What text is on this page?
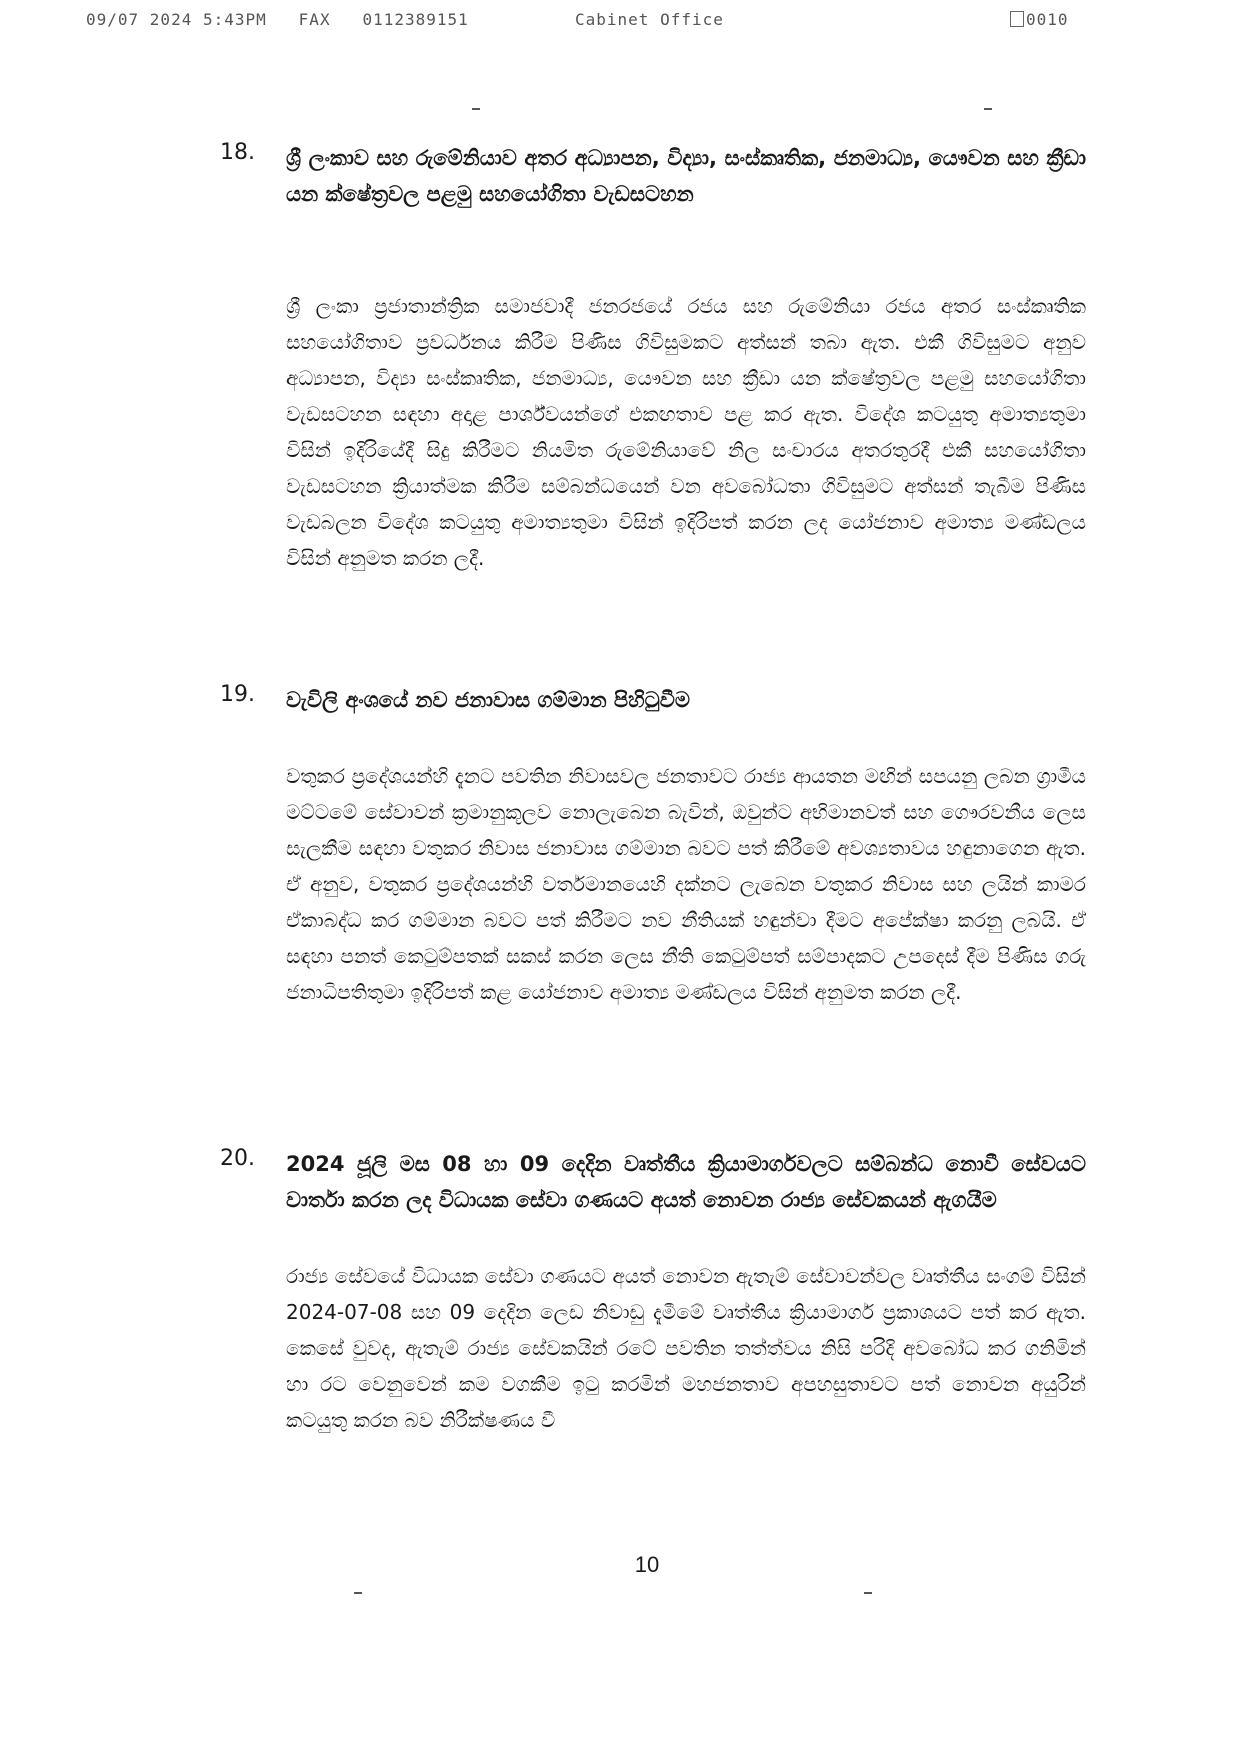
09/07 2024 5:43PM FAX 0112389151	Cabinet Office	0010
18. ශ්‍රී ලංකාව සහ රුමේනියාව අතර අධ්‍යාපන, විද්‍යා, සංස්කෘතික, ජනමාධ්‍ය, යෞවන සහ ක්‍රීඩා යන ක්ෂේත්‍රවල පළමු සහයෝගිතා වැඩසටහන
ශ්‍රී ලංකා ප්‍රජාතාන්ත්‍රික සමාජවාදී ජනරජයේ රජය සහ රුමේනියා රජය අතර සංස්කෘතික සහයෝගිතාව ප්‍රවර්ධනය කිරීම පිණිස ගිවිසුමකට අත්සන් තබා ඇත. එකී ගිවිසුමට අනුව අධ්‍යාපන, විද්‍යා සංස්කෘතික, ජනමාධ්‍ය, යෞවන සහ ක්‍රීඩා යන ක්ෂේත්‍රවල පළමු සහයෝගිතා වැඩසටහන සඳහා අදාළ පාර්ශ්වයන්ගේ එකඟතාව පළ කර ඇත. විදේශ කටයුතු අමාත්‍යතුමා විසින් ඉදිරියේදී සිදු කිරීමට නියමිත රුමේනියාවේ නිල සංචාරය අතරතුරදී එකී සහයෝගිතා වැඩසටහන ක්‍රියාත්මක කිරීම සම්බන්ධයෙන් වන අවබෝධතා ගිවිසුමට අත්සන් තැබීම පිණිස වැඩබලන විදේශ කටයුතු අමාත්‍යතුමා විසින් ඉදිරිපත් කරන ලද යෝජනාව අමාත්‍ය මණ්ඩලය විසින් අනුමත කරන ලදී.
19. වැවිලි අංශයේ නව ජනාවාස ගම්මාන පිහිටුවීම
වතුකර ප්‍රදේශයන්හි දැනට පවතින නිවාසවල ජනතාවට රාජ්‍ය ආයතන මඟින් සපයනු ලබන ග්‍රාමීය මට්ටමේ සේවාවන් ක්‍රමානුකූලව නොලැබෙන බැවින්, ඔවුන්ට අභිමානවත් සහ ගෞරවනීය ලෙස සැලකීම සඳහා වතුකර නිවාස ජනාවාස ගම්මාන බවට පත් කිරීමේ අවශ්‍යතාවය හඳුනාගෙන ඇත. ඒ අනුව, වතුකර ප්‍රදේශයන්හි වර්තමානයෙහි දක්නට ලැබෙන වතුකර නිවාස සහ ලයින් කාමර ඒකාබද්ධ කර ගම්මාන බවට පත් කිරීමට නව නීතියක් හඳුන්වා දීමට අපේක්ෂා කරනු ලබයි. ඒ සඳහා පනත් කෙටුම්පතක් සකස් කරන ලෙස නීති කෙටුම්පත් සම්පාදකට උපදෙස් දීම පිණිස ගරු ජනාධිපතිතුමා ඉදිරිපත් කළ යෝජනාව අමාත්‍ය මණ්ඩලය විසින් අනුමත කරන ලදී.
20. 2024 ජූලි මස 08 හා 09 දෙදින වෘත්තීය ක්‍රියාමාර්ගවලට සම්බන්ධ නොවී සේවයට වාර්තා කරන ලද විධායක සේවා ගණයට අයත් නොවන රාජ්‍ය සේවකයන් ඇගයීම
රාජ්‍ය සේවයේ විධායක සේවා ගණයට අයත් නොවන ඇතැම් සේවාවන්වල වෘත්තීය සංගම් විසින් 2024-07-08 සහ 09 දෙදින ලෙඩ නිවාඩු දැමීමේ වෘත්තීය ක්‍රියාමාර්ග ප්‍රකාශයට පත් කර ඇත. කෙසේ වුවද, ඇතැම් රාජ්‍ය සේවකයින් රටේ පවතින තත්ත්වය නිසි පරිදි අවබෝධ කර ගනිමින් හා රට වෙනුවෙන් කම වගකීම ඉටු කරමින් මහජනතාව අපහසුතාවට පත් නොවන අයුරින් කටයුතු කරන බව නිරීක්ෂණය වී
10
